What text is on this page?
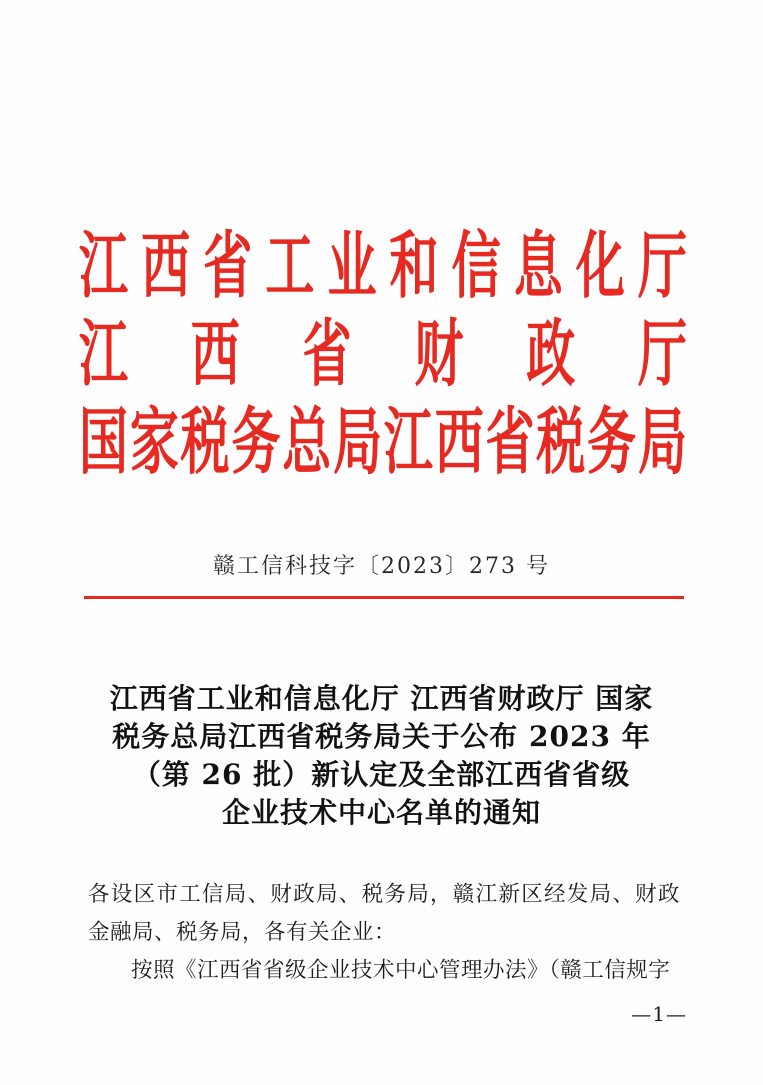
江西省工业和信息化厅
江西省财政厅
国家税务总局江西省税务局
赣工信科技字〔2023〕273 号
江西省工业和信息化厅 江西省财政厅 国家
税务总局江西省税务局关于公布 2023 年
（第 26 批）新认定及全部江西省省级
企业技术中心名单的通知

各设区市工信局、财政局、税务局，赣江新区经发局、财政金融局、税务局，各有关企业：

按照《江西省省级企业技术中心管理办法》（赣工信规字

—1—
